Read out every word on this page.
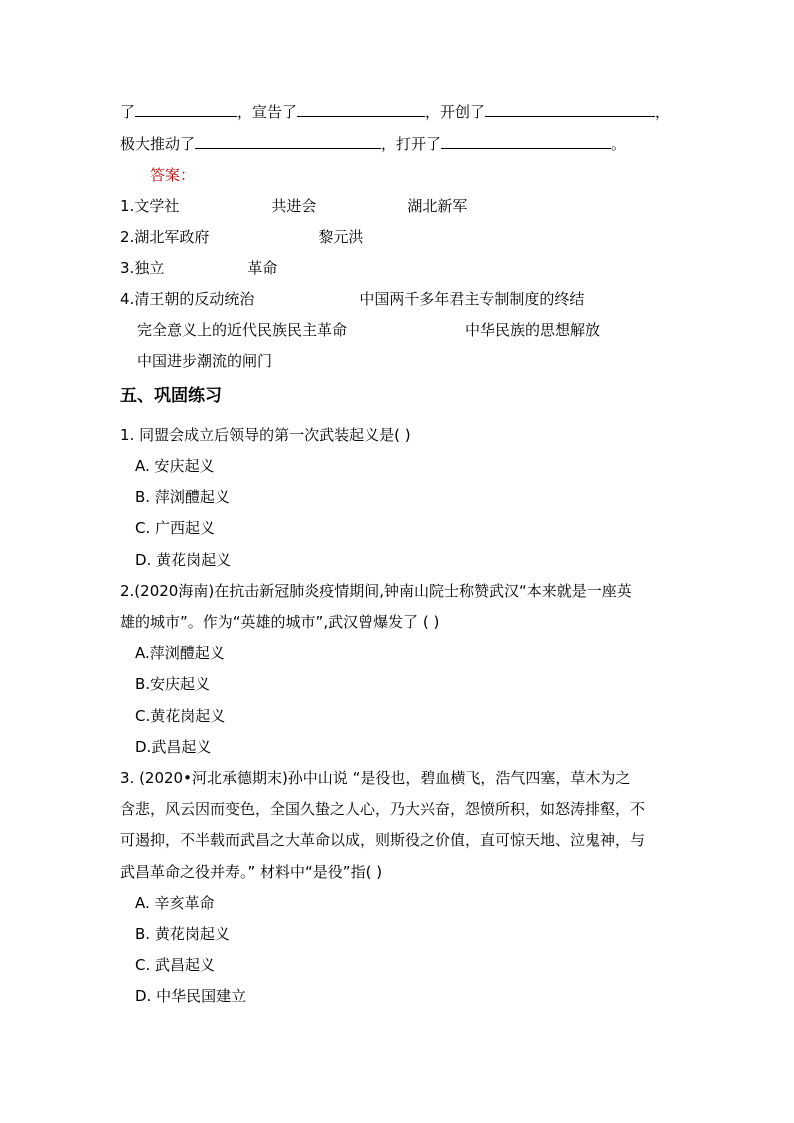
了	，宣告了	，开创了	，
极大推动了	，打开了	。
答案：
1.文学社	共进会	湖北新军
2.湖北军政府	黎元洪
3.独立	革命
4.清王朝的反动统治	中国两千多年君主专制制度的终结
完全意义上的近代民族民主革命	中华民族的思想解放
中国进步潮流的闸门
五、巩固练习
1. 同盟会成立后领导的第一次武装起义是( )
A. 安庆起义
B. 萍浏醴起义
C. 广西起义
D. 黄花岗起义
2.(2020海南)在抗击新冠肺炎疫情期间,钟南山院士称赞武汉“本来就是一座英
雄的城市”。作为“英雄的城市”,武汉曾爆发了 ( )
A.萍浏醴起义
B.安庆起义
C.黄花岗起义
D.武昌起义
3. (2020•河北承德期末)孙中山说 “是役也，碧血横飞，浩气四塞，草木为之
含悲，风云因而变色，全国久蛰之人心，乃大兴奋，怨愤所积，如怒涛排壑，不
可遏抑，不半载而武昌之大革命以成，则斯役之价值，直可惊天地、泣鬼神，与
武昌革命之役并寿。” 材料中“是役”指( )
A. 辛亥革命
B. 黄花岗起义
C. 武昌起义
D. 中华民国建立
